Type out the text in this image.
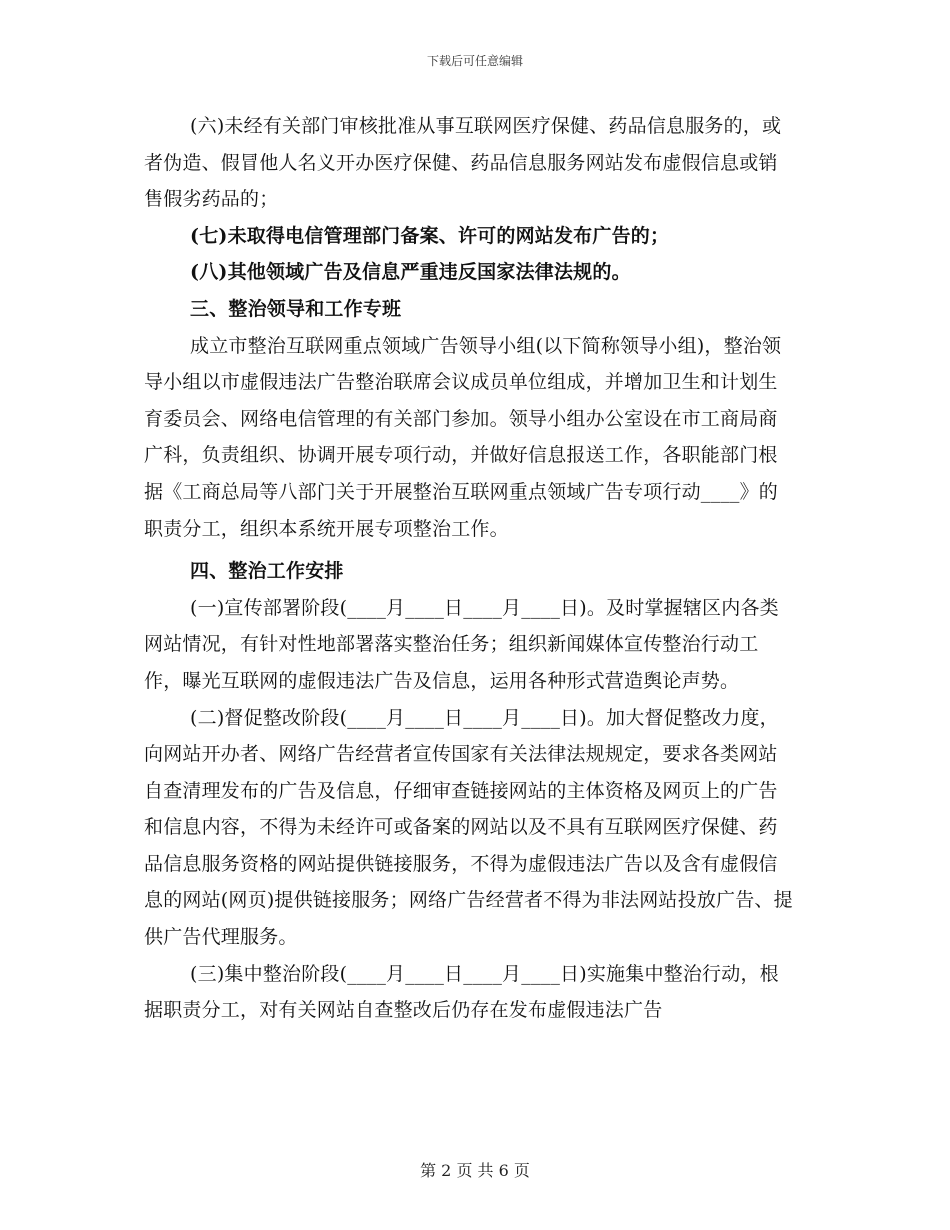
下载后可任意编辑

(六)未经有关部门审核批准从事互联网医疗保健、药品信息服务的，或者伪造、假冒他人名义开办医疗保健、药品信息服务网站发布虚假信息或销售假劣药品的；

(七)未取得电信管理部门备案、许可的网站发布广告的；

(八)其他领域广告及信息严重违反国家法律法规的。

三、整治领导和工作专班

成立市整治互联网重点领域广告领导小组(以下简称领导小组)，整治领导小组以市虚假违法广告整治联席会议成员单位组成，并增加卫生和计划生育委员会、网络电信管理的有关部门参加。领导小组办公室设在市工商局商广科，负责组织、协调开展专项行动，并做好信息报送工作，各职能部门根据《工商总局等八部门关于开展整治互联网重点领域广告专项行动____》的职责分工，组织本系统开展专项整治工作。

四、整治工作安排

(一)宣传部署阶段(____月____日____月____日)。及时掌握辖区内各类网站情况，有针对性地部署落实整治任务；组织新闻媒体宣传整治行动工作，曝光互联网的虚假违法广告及信息，运用各种形式营造舆论声势。

(二)督促整改阶段(____月____日____月____日)。加大督促整改力度，向网站开办者、网络广告经营者宣传国家有关法律法规规定，要求各类网站自查清理发布的广告及信息，仔细审查链接网站的主体资格及网页上的广告和信息内容，不得为未经许可或备案的网站以及不具有互联网医疗保健、药品信息服务资格的网站提供链接服务，不得为虚假违法广告以及含有虚假信息的网站(网页)提供链接服务；网络广告经营者不得为非法网站投放广告、提供广告代理服务。

(三)集中整治阶段(____月____日____月____日)实施集中整治行动，根据职责分工，对有关网站自查整改后仍存在发布虚假违法广告

第 2 页 共 6 页
